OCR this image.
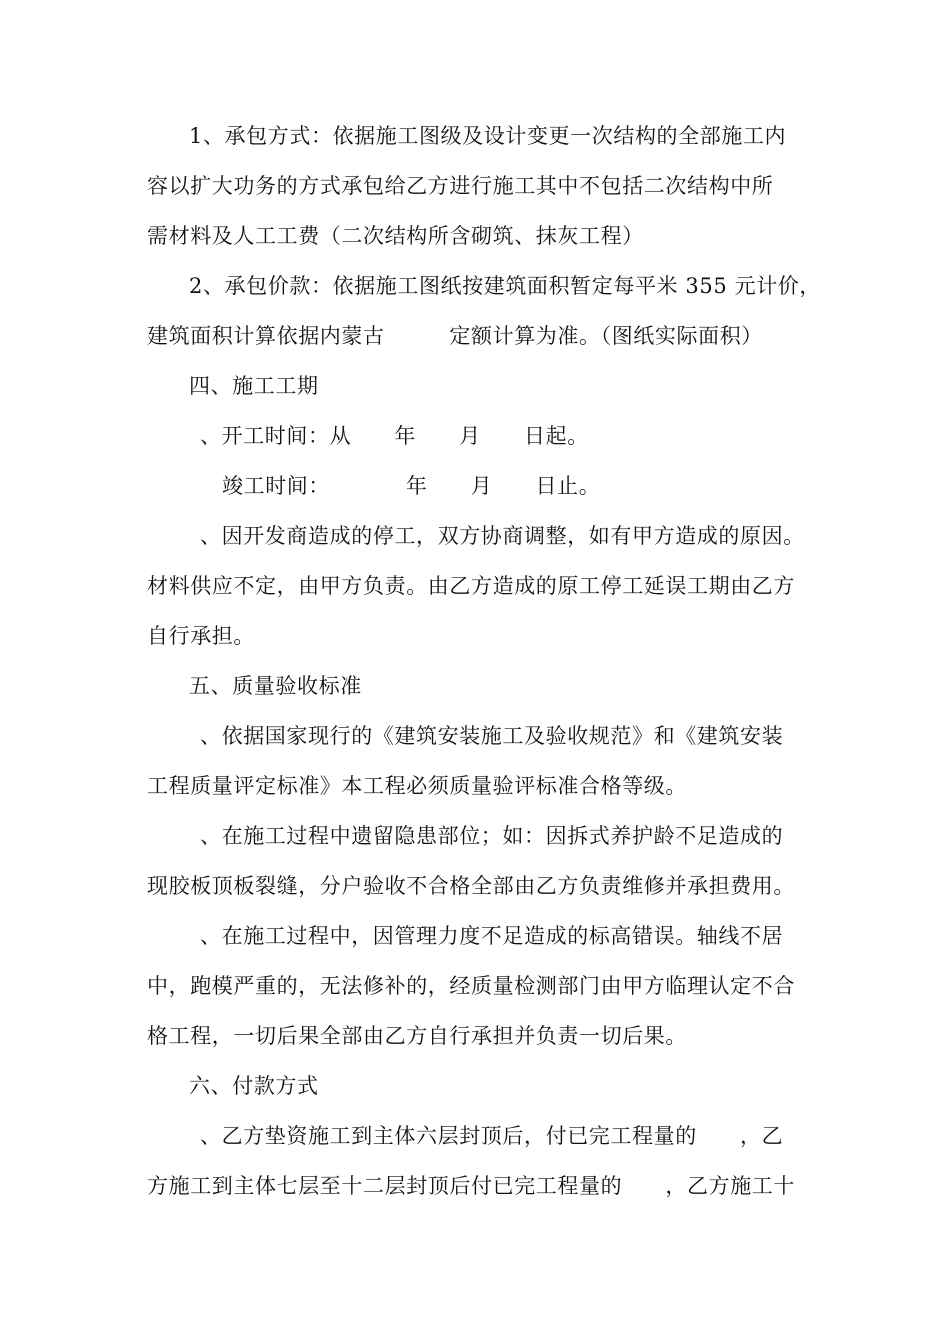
1、承包方式：依据施工图级及设计变更一次结构的全部施工内
容以扩大功务的方式承包给乙方进行施工其中不包括二次结构中所
需材料及人工工费（二次结构所含砌筑、抹灰工程）
2、承包价款：依据施工图纸按建筑面积暂定每平米 355 元计价，
建筑面积计算依据内蒙古　　　定额计算为准。（图纸实际面积）
四、施工工期
、开工时间：从　　年　　月　　日起。
竣工时间：　　　　年　　月　　日止。
、因开发商造成的停工，双方协商调整，如有甲方造成的原因。
材料供应不定，由甲方负责。由乙方造成的原工停工延误工期由乙方
自行承担。
五、质量验收标准
、依据国家现行的《建筑安装施工及验收规范》和《建筑安装
工程质量评定标准》本工程必须质量验评标准合格等级。
、在施工过程中遗留隐患部位；如：因拆式养护龄不足造成的
现胶板顶板裂缝，分户验收不合格全部由乙方负责维修并承担费用。
、在施工过程中，因管理力度不足造成的标高错误。轴线不居
中，跑模严重的，无法修补的，经质量检测部门由甲方临理认定不合
格工程，一切后果全部由乙方自行承担并负责一切后果。
六、付款方式
、乙方垫资施工到主体六层封顶后，付已完工程量的　　，乙
方施工到主体七层至十二层封顶后付已完工程量的　　，乙方施工十
